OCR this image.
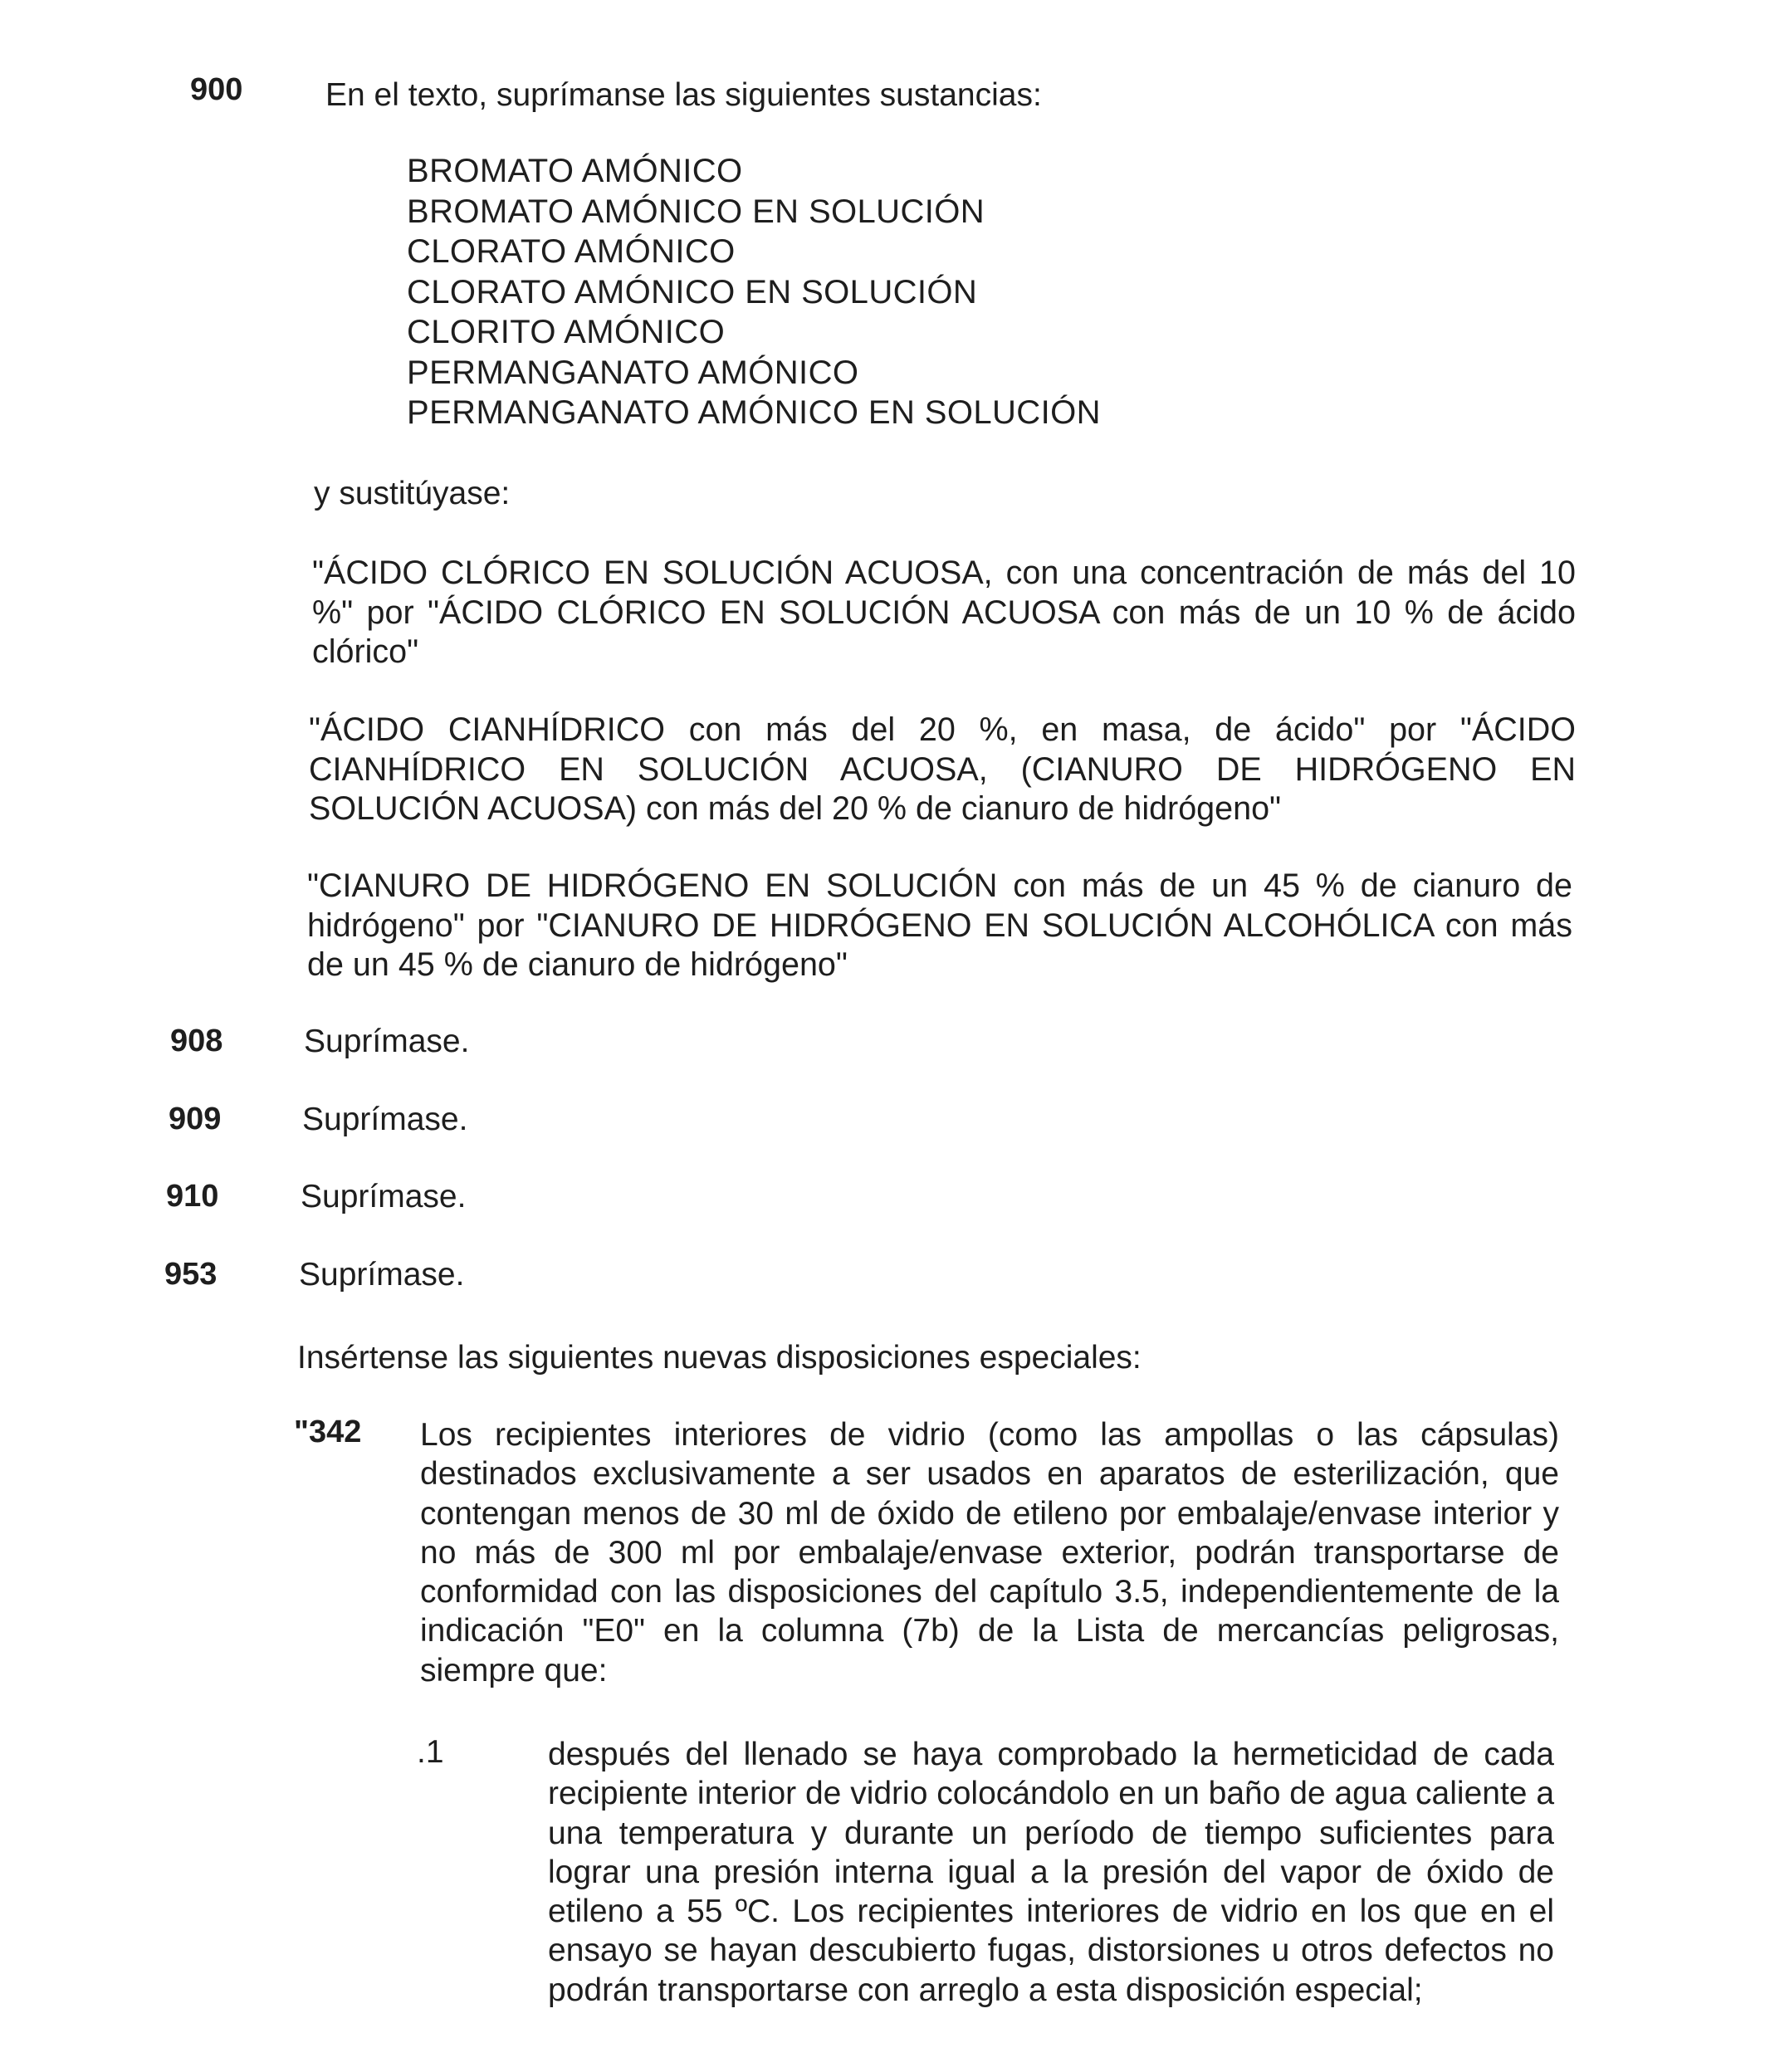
900	En el texto, suprímanse las siguientes sustancias:
BROMATO AMÓNICO
BROMATO AMÓNICO EN SOLUCIÓN
CLORATO AMÓNICO
CLORATO AMÓNICO EN SOLUCIÓN
CLORITO AMÓNICO
PERMANGANATO AMÓNICO
PERMANGANATO AMÓNICO EN SOLUCIÓN
y sustitúyase:
"ÁCIDO CLÓRICO EN SOLUCIÓN ACUOSA, con una concentración de más del 10 %" por "ÁCIDO CLÓRICO EN SOLUCIÓN ACUOSA con más de un 10 % de ácido clórico"
"ÁCIDO CIANHÍDRICO con más del 20 %, en masa, de ácido" por "ÁCIDO CIANHÍDRICO EN SOLUCIÓN ACUOSA, (CIANURO DE HIDRÓGENO EN SOLUCIÓN ACUOSA) con más del 20 % de cianuro de hidrógeno"
"CIANURO DE HIDRÓGENO EN SOLUCIÓN con más de un 45 % de cianuro de hidrógeno" por "CIANURO DE HIDRÓGENO EN SOLUCIÓN ALCOHÓLICA con más de un 45 % de cianuro de hidrógeno"
908	Suprímase.
909	Suprímase.
910	Suprímase.
953	Suprímase.
Insértense las siguientes nuevas disposiciones especiales:
"342 Los recipientes interiores de vidrio (como las ampollas o las cápsulas) destinados exclusivamente a ser usados en aparatos de esterilización, que contengan menos de 30 ml de óxido de etileno por embalaje/envase interior y no más de 300 ml por embalaje/envase exterior, podrán transportarse de conformidad con las disposiciones del capítulo 3.5, independientemente de la indicación "E0" en la columna (7b) de la Lista de mercancías peligrosas, siempre que:
.1	después del llenado se haya comprobado la hermeticidad de cada recipiente interior de vidrio colocándolo en un baño de agua caliente a una temperatura y durante un período de tiempo suficientes para lograr una presión interna igual a la presión del vapor de óxido de etileno a 55 ºC. Los recipientes interiores de vidrio en los que en el ensayo se hayan descubierto fugas, distorsiones u otros defectos no podrán transportarse con arreglo a esta disposición especial;
